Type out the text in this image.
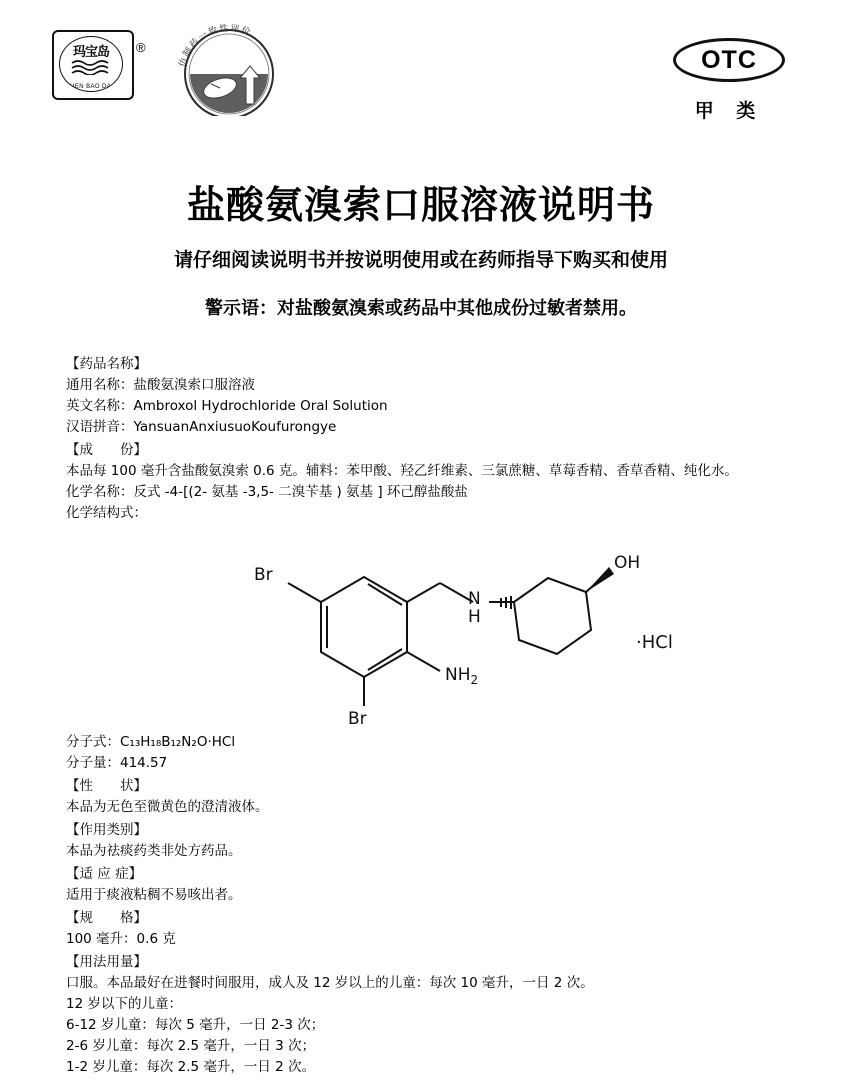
玛宝岛
SHEN BAO DAO
®
仿制药一致性评价
OTC
甲 类
盐酸氨溴索口服溶液说明书
请仔细阅读说明书并按说明使用或在药师指导下购买和使用
警示语：对盐酸氨溴索或药品中其他成份过敏者禁用。
【药品名称】
通用名称：盐酸氨溴索口服溶液
英文名称：Ambroxol Hydrochloride Oral Solution
汉语拼音：YansuanAnxiusuoKoufurongye
【成　　份】
本品每 100 毫升含盐酸氨溴索 0.6 克。辅料：苯甲酸、羟乙纤维素、三氯蔗糖、草莓香精、香草香精、纯化水。
化学名称：反式 -4-[(2- 氨基 -3,5- 二溴苄基 ) 氨基 ] 环己醇盐酸盐
化学结构式：
Br
Br
$NH_2$
N
H
OH
·HCl
分子式：C₁₃H₁₈B₁₂N₂O·HCl
分子量：414.57
【性　　状】
本品为无色至微黄色的澄清液体。
【作用类别】
本品为祛痰药类非处方药品。
【适 应 症】
适用于痰液粘稠不易咳出者。
【规　　格】
100 毫升：0.6 克
【用法用量】
口服。本品最好在进餐时间服用，成人及 12 岁以上的儿童：每次 10 毫升，一日 2 次。
12 岁以下的儿童：
6-12 岁儿童：每次 5 毫升，一日 2-3 次；
2-6 岁儿童：每次 2.5 毫升，一日 3 次；
1-2 岁儿童：每次 2.5 毫升，一日 2 次。
